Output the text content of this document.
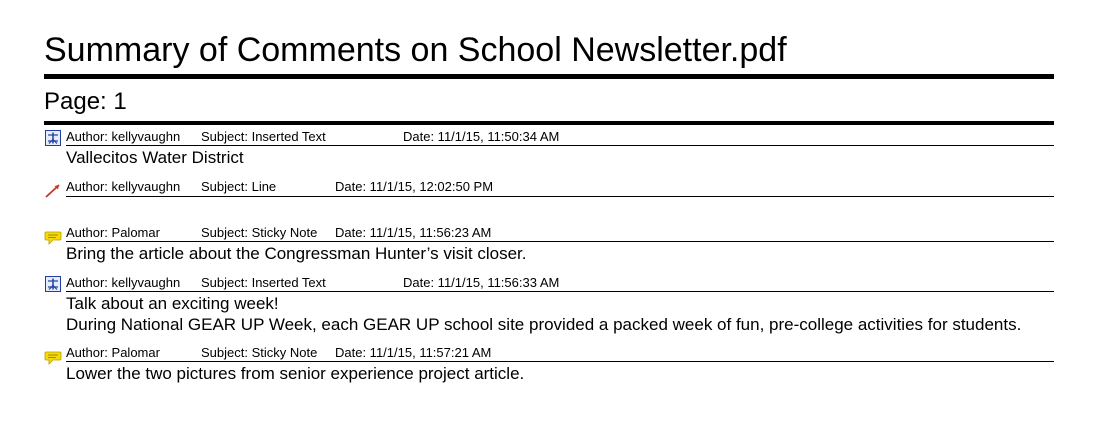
Summary of Comments on School Newsletter.pdf
Page: 1
Author: kellyvaughn Subject: Inserted Text	Date: 11/1/15, 11:50:34 AM
Vallecitos Water District
Author: kellyvaughn Subject: Line	Date: 11/1/15, 12:02:50 PM
Author: Palomar	Subject: Sticky Note Date: 11/1/15, 11:56:23 AM
Bring the article about the Congressman Hunter’s visit closer.
Author: kellyvaughn Subject: Inserted Text	Date: 11/1/15, 11:56:33 AM
Talk about an exciting week!
During National GEAR UP Week, each GEAR UP school site provided a packed week of fun, pre-college activities for students.
Author: Palomar	Subject: Sticky Note Date: 11/1/15, 11:57:21 AM
Lower the two pictures from senior experience project article.
